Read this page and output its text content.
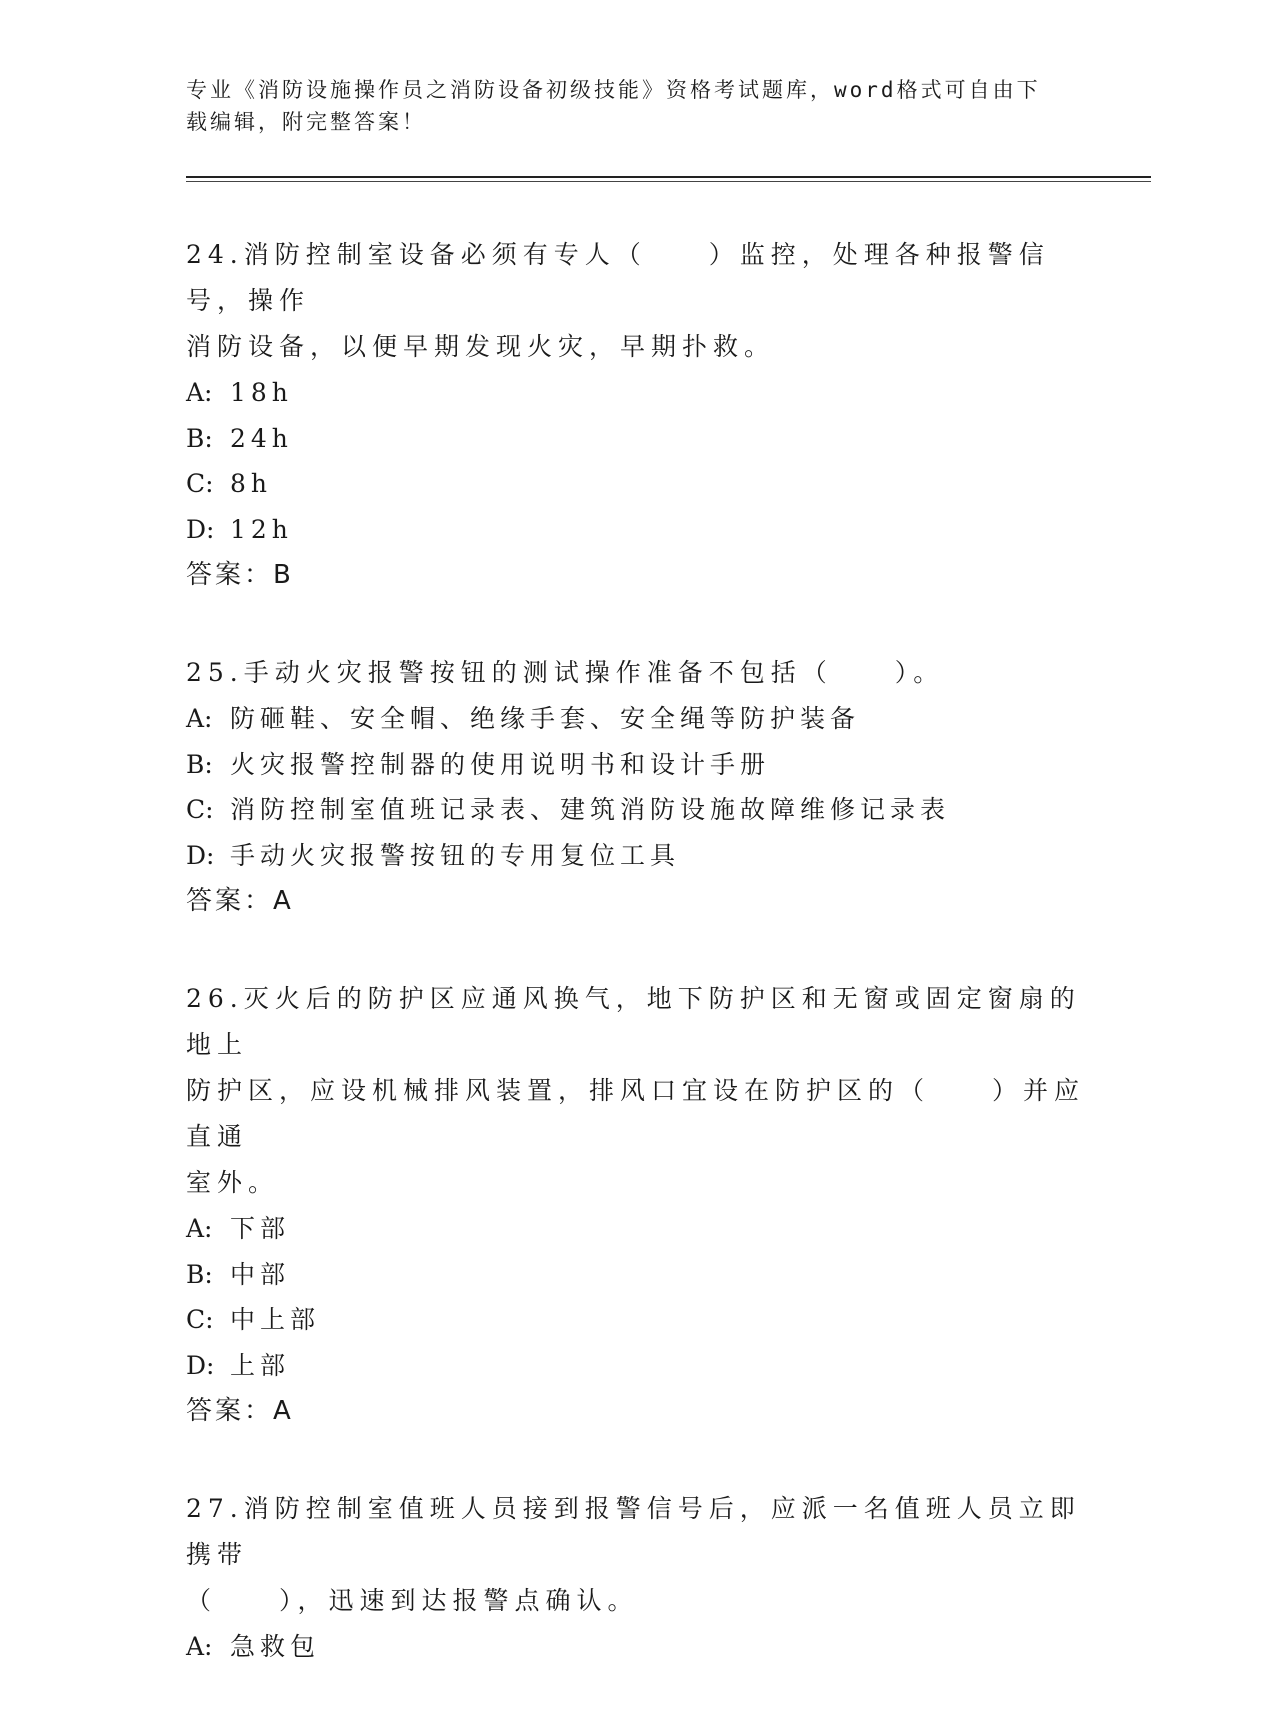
专业《消防设施操作员之消防设备初级技能》资格考试题库，word格式可自由下
载编辑，附完整答案！

24.消防控制室设备必须有专人（　　）监控，处理各种报警信号，操作

消防设备，以便早期发现火灾，早期扑救。

A: 18h

B: 24h

C: 8h

D: 12h

答案：B

25.手动火灾报警按钮的测试操作准备不包括（　　）。

A: 防砸鞋、安全帽、绝缘手套、安全绳等防护装备

B: 火灾报警控制器的使用说明书和设计手册

C: 消防控制室值班记录表、建筑消防设施故障维修记录表

D: 手动火灾报警按钮的专用复位工具

答案：A

26.灭火后的防护区应通风换气，地下防护区和无窗或固定窗扇的地上

防护区，应设机械排风装置，排风口宜设在防护区的（　　）并应直通

室外。

A: 下部

B: 中部

C: 中上部

D: 上部

答案：A

27.消防控制室值班人员接到报警信号后，应派一名值班人员立即携带

（　　），迅速到达报警点确认。

A: 急救包
